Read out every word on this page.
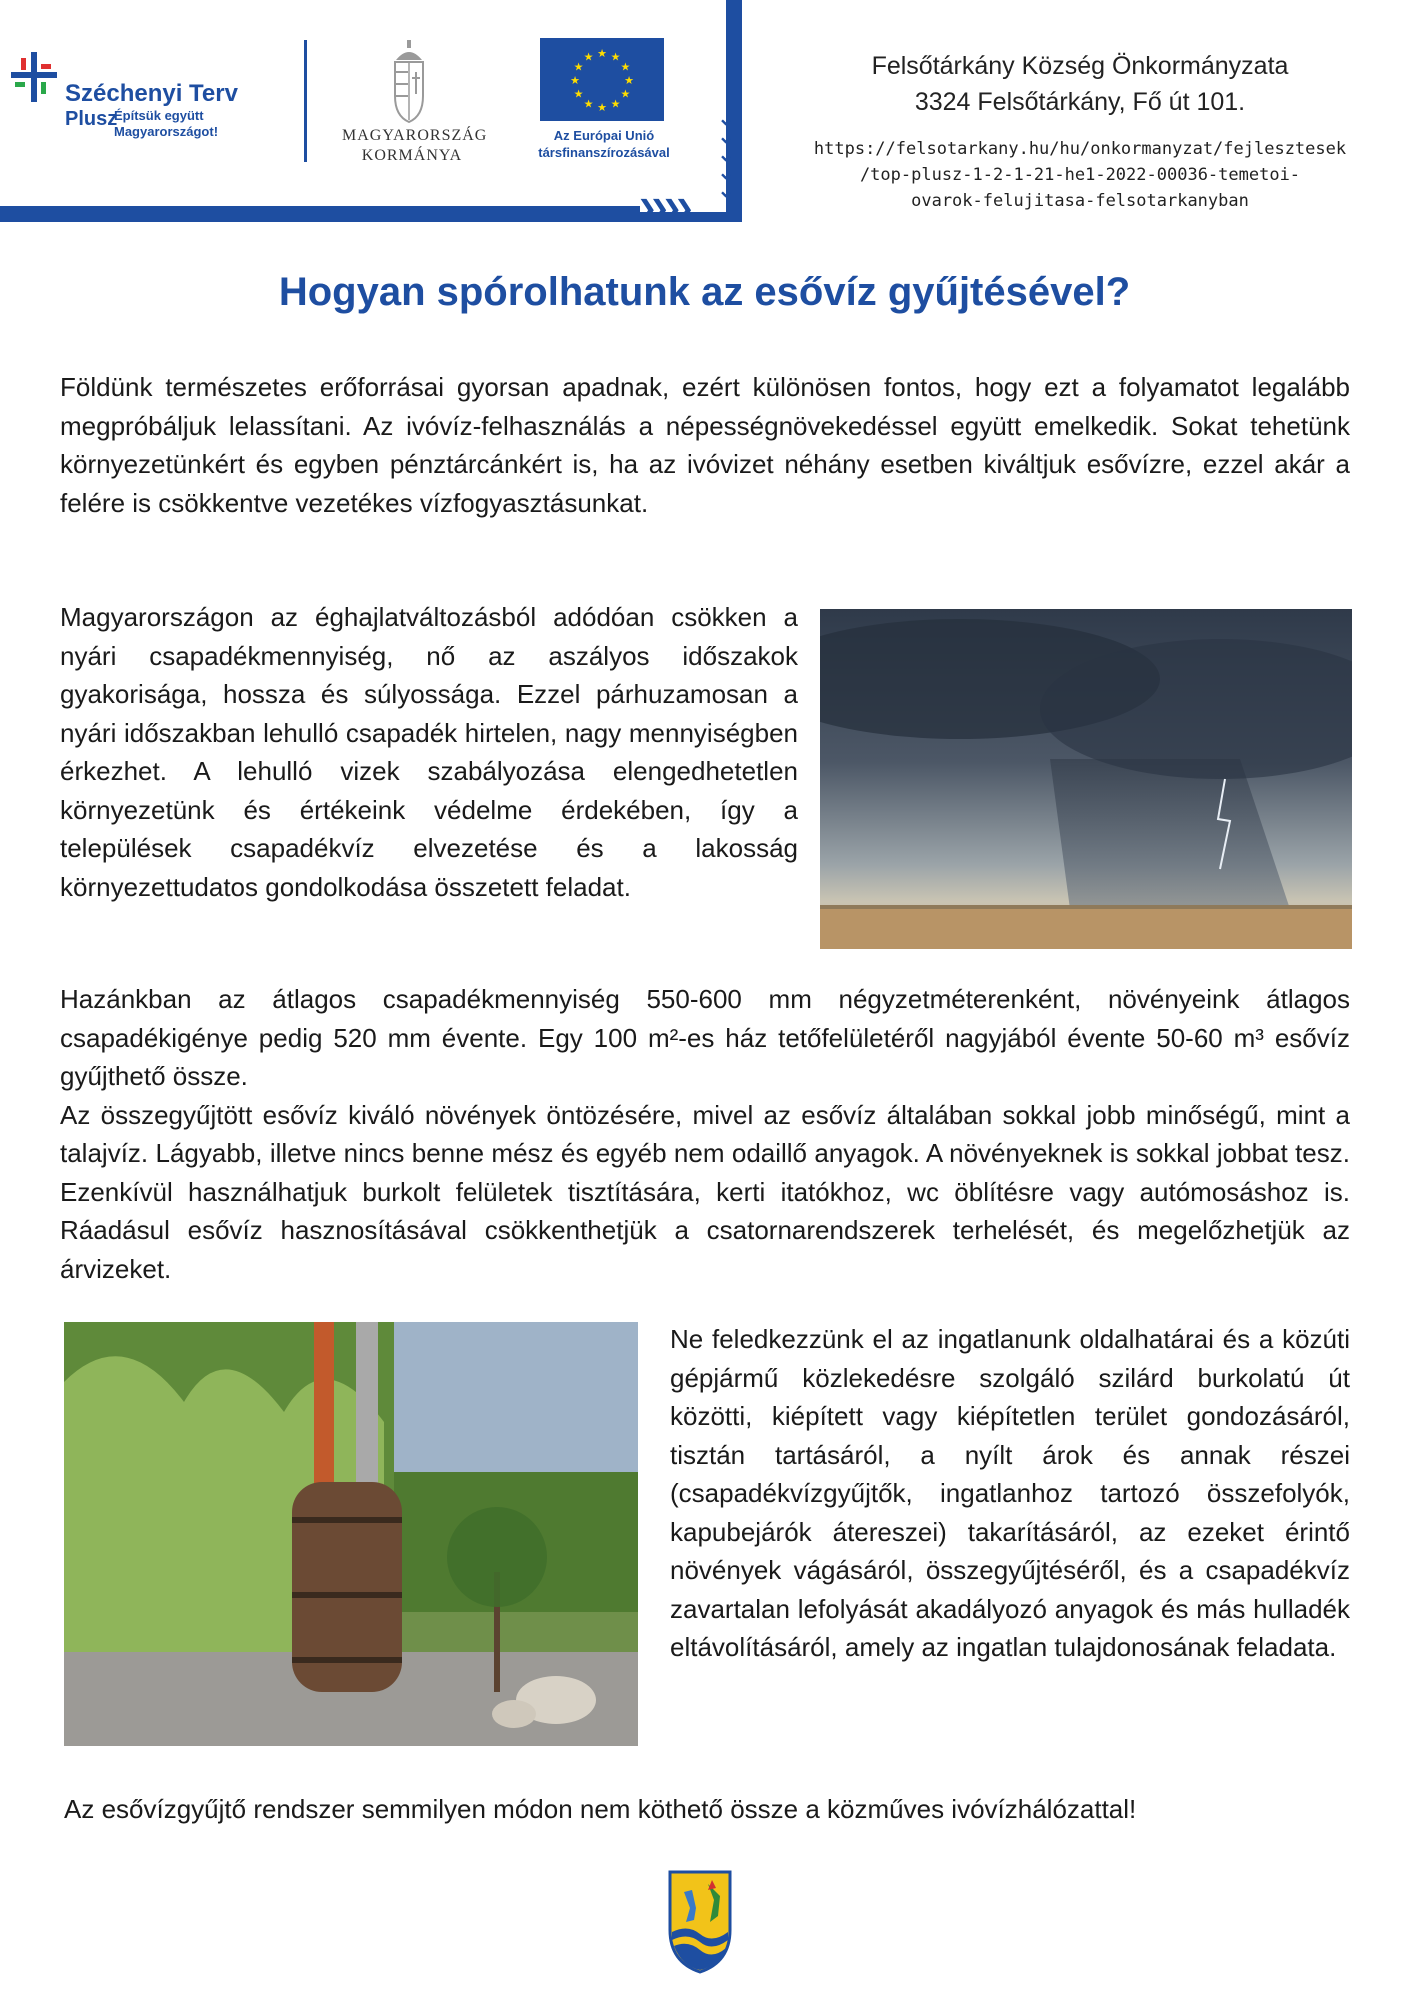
Széchenyi Terv
Plusz
Építsük együtt Magyarországot!	MAGYARORSZÁG
KORMÁNYA
★
★
★
★
★
★
★
★
★ ★ ★
★
Az Európai Unió
társfinanszírozásával
⌄
⌄
⌄
⌄
⌄
❯❯❯❯
Felsőtárkány Község Önkormányzata
3324 Felsőtárkány, Fő út 101.
https://felsotarkany.hu/hu/onkormanyzat/fejlesztesek
/top-plusz-1-2-1-21-he1-2022-00036-temetoi-
ovarok-felujitasa-felsotarkanyban
Hogyan spórolhatunk az esővíz gyűjtésével?
Földünk természetes erőforrásai gyorsan apadnak, ezért különösen fontos, hogy ezt a folyamatot legalább megpróbáljuk lelassítani. Az ivóvíz-felhasználás a népességnövekedéssel együtt emelkedik. Sokat tehetünk környezetünkért és egyben pénztárcánkért is, ha az ivóvizet néhány esetben kiváltjuk esővízre, ezzel akár a felére is csökkentve vezetékes vízfogyasztásunkat.
Magyarországon az éghajlatváltozásból adódóan csökken a nyári csapadékmennyiség, nő az aszályos időszakok gyakorisága, hossza és súlyossága. Ezzel párhuzamosan a nyári időszakban lehulló csapadék hirtelen, nagy mennyiségben érkezhet. A lehulló vizek szabályozása elengedhetetlen környezetünk és értékeink védelme érdekében, így a települések csapadékvíz elvezetése és a lakosság környezettudatos gondolkodása összetett feladat.
Hazánkban az átlagos csapadékmennyiség 550-600 mm négyzetméterenként, növényeink átlagos csapadékigénye pedig 520 mm évente. Egy 100 m²-es ház tetőfelületéről nagyjából évente 50-60 m³ esővíz gyűjthető össze.
Az összegyűjtött esővíz kiváló növények öntözésére, mivel az esővíz általában sokkal jobb minőségű, mint a talajvíz. Lágyabb, illetve nincs benne mész és egyéb nem odaillő anyagok. A növényeknek is sokkal jobbat tesz. Ezenkívül használhatjuk burkolt felületek tisztítására, kerti itatókhoz, wc öblítésre vagy autómosáshoz is. Ráadásul esővíz hasznosításával csökkenthetjük a csatornarendszerek terhelését, és megelőzhetjük az árvizeket.
Ne feledkezzünk el az ingatlanunk oldalhatárai és a közúti gépjármű közlekedésre szolgáló szilárd burkolatú út közötti, kiépített vagy kiépítetlen terület gondozásáról, tisztán tartásáról, a nyílt árok és annak részei (csapadékvízgyűjtők, ingatlanhoz tartozó összefolyók, kapubejárók átereszei) takarításáról, az ezeket érintő növények vágásáról, összegyűjtéséről, és a csapadékvíz zavartalan lefolyását akadályozó anyagok és más hulladék eltávolításáról, amely az ingatlan tulajdonosának feladata.
Az esővízgyűjtő rendszer semmilyen módon nem köthető össze a közműves ivóvízhálózattal!
